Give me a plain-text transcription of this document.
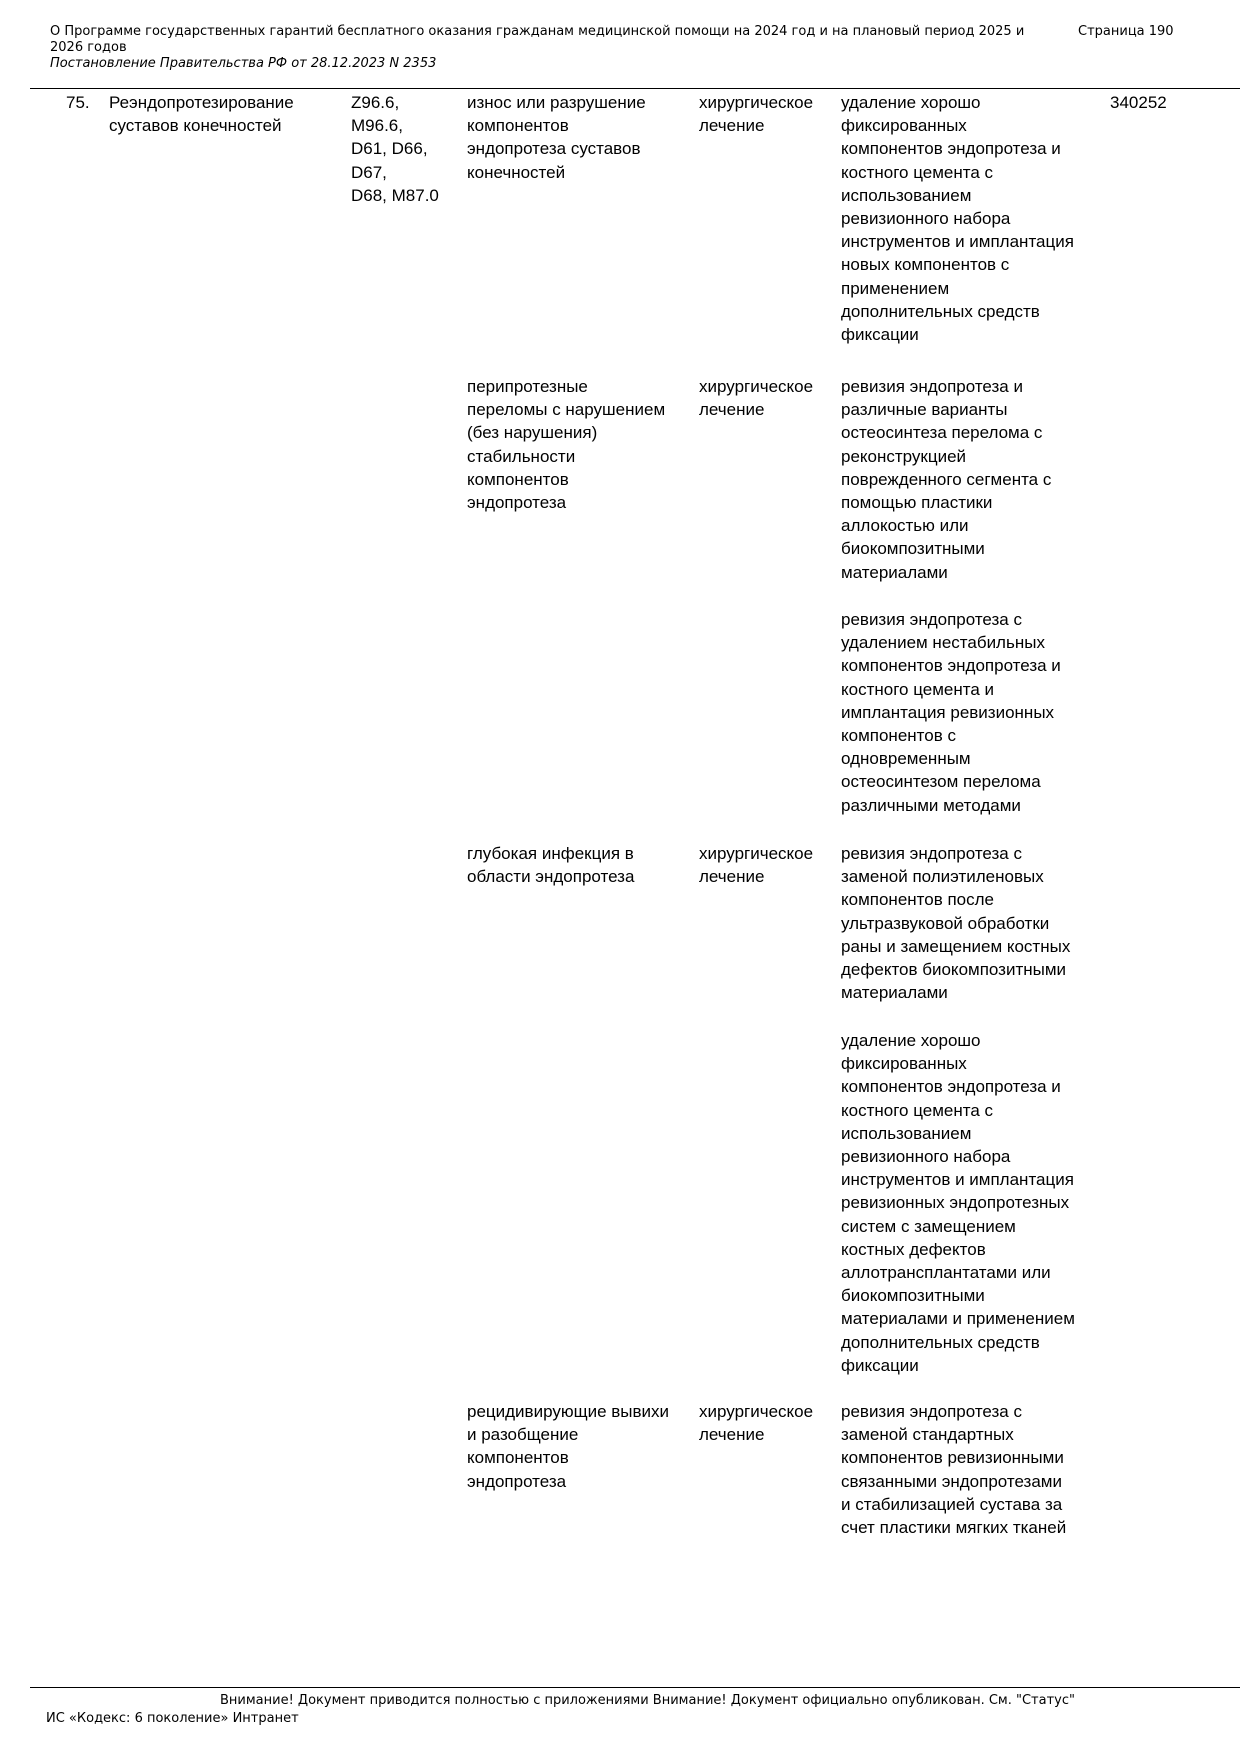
О Программе государственных гарантий бесплатного оказания гражданам медицинской помощи на 2024 год и на плановый период 2025 и 2026 годов
Постановление Правительства РФ от 28.12.2023 N 2353
Страница 190
75.	Реэндопротезирование
суставов конечностей
Z96.6,
M96.6,
D61, D66,
D67,
D68, M87.0
340252
износ или разрушение
компонентов
эндопротеза суставов
конечностей
хирургическое
лечение
удаление хорошо
фиксированных
компонентов эндопротеза и
костного цемента с
использованием
ревизионного набора
инструментов и имплантация
новых компонентов с
применением
дополнительных средств
фиксации
перипротезные
переломы с нарушением
(без нарушения)
стабильности
компонентов
эндопротеза
хирургическое
лечение
ревизия эндопротеза и
различные варианты
остеосинтеза перелома с
реконструкцией
поврежденного сегмента с
помощью пластики
аллокостью или
биокомпозитными
материалами
ревизия эндопротеза с
удалением нестабильных
компонентов эндопротеза и
костного цемента и
имплантация ревизионных
компонентов с
одновременным
остеосинтезом перелома
различными методами
глубокая инфекция в
области эндопротеза
хирургическое
лечение
ревизия эндопротеза с
заменой полиэтиленовых
компонентов после
ультразвуковой обработки
раны и замещением костных
дефектов биокомпозитными
материалами
удаление хорошо
фиксированных
компонентов эндопротеза и
костного цемента с
использованием
ревизионного набора
инструментов и имплантация
ревизионных эндопротезных
систем с замещением
костных дефектов
аллотрансплантатами или
биокомпозитными
материалами и применением
дополнительных средств
фиксации
рецидивирующие вывихи
и разобщение
компонентов
эндопротеза
хирургическое
лечение
ревизия эндопротеза с
заменой стандартных
компонентов ревизионными
связанными эндопротезами
и стабилизацией сустава за
счет пластики мягких тканей
Внимание! Документ приводится полностью с приложениями Внимание! Документ официально опубликован. См. "Статус"
ИС «Кодекс: 6 поколение» Интранет
